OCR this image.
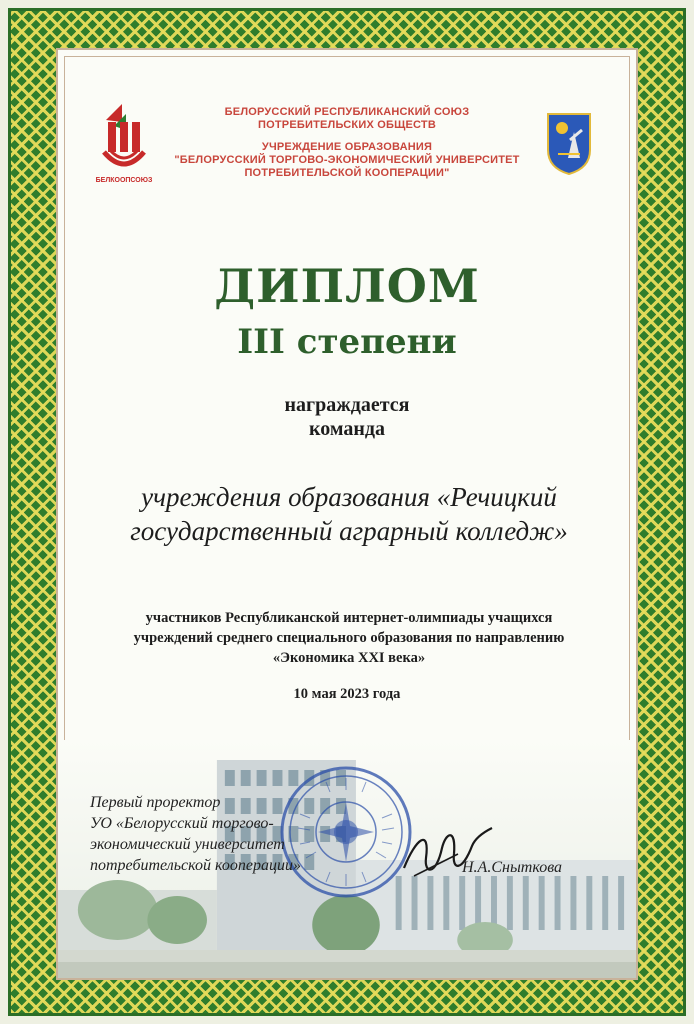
БЕЛКООПСОЮЗ
БЕЛОРУССКИЙ РЕСПУБЛИКАНСКИЙ СОЮЗ
ПОТРЕБИТЕЛЬСКИХ ОБЩЕСТВ
УЧРЕЖДЕНИЕ ОБРАЗОВАНИЯ
"БЕЛОРУССКИЙ ТОРГОВО-ЭКОНОМИЧЕСКИЙ УНИВЕРСИТЕТ
ПОТРЕБИТЕЛЬСКОЙ КООПЕРАЦИИ"
ДИПЛОМ
III степени
награждается
команда
учреждения образования «Речицкий
государственный аграрный колледж»
участников Республиканской интернет-олимпиады учащихся
учреждений среднего специального образования по направлению
«Экономика XXI века»
10 мая 2023 года
Первый проректор
УО «Белорусский торгово-
экономический университет
потребительской кооперации»	Н.А.Сныткова
